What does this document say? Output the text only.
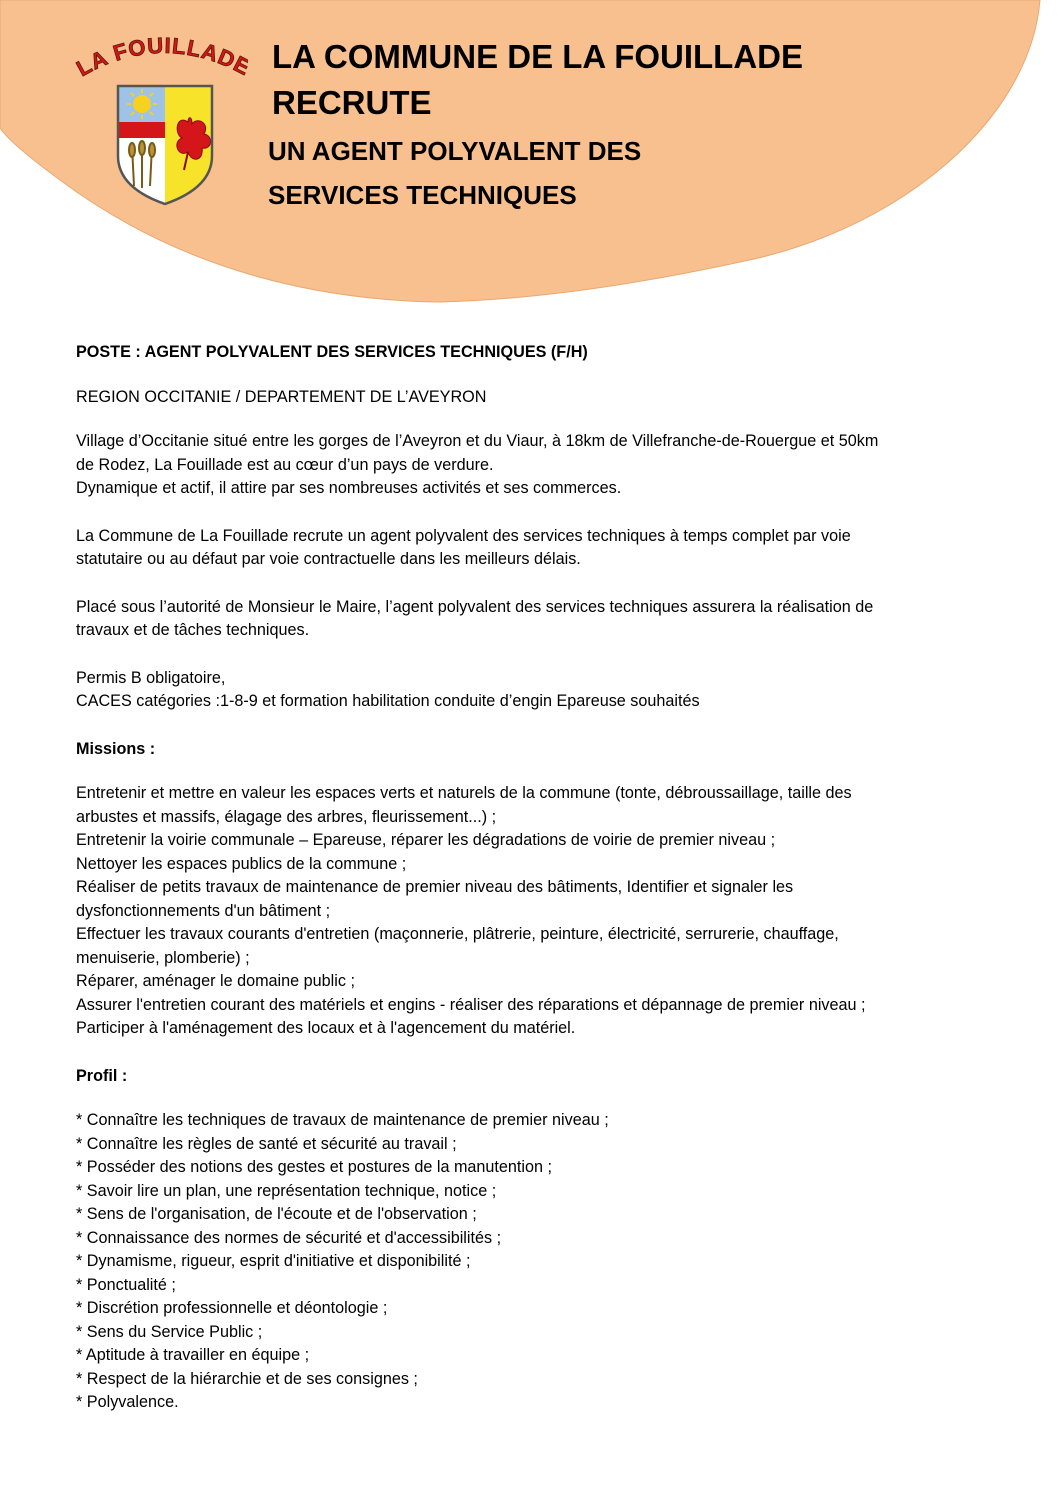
LA FOUILLAD LA COMMUNE DE LA FOUILLADE
RECRUTE
UN AGENT POLYVALENT DES
SERVICES TECHNIQUES

POSTE : AGENT POLYVALENT DES SERVICES TECHNIQUES (F/H)

REGION OCCITANIE / DEPARTEMENT DE L’AVEYRON

Village d’Occitanie situé entre les gorges de l’Aveyron et du Viaur, à 18km de Villefranche-de-Rouergue et 50km

de Rodez, La Fouillade est au cœur d’un pays de verdure.

Dynamique et actif, il attire par ses nombreuses activités et ses commerces.

La Commune de La Fouillade recrute un agent polyvalent des services techniques à temps complet par voie

statutaire ou au défaut par voie contractuelle dans les meilleurs délais.

Placé sous l’autorité de Monsieur le Maire, l’agent polyvalent des services techniques assurera la réalisation de

travaux et de tâches techniques.

Permis B obligatoire,

CACES catégories :1-8-9 et formation habilitation conduite d’engin Epareuse souhaités

Missions :

Entretenir et mettre en valeur les espaces verts et naturels de la commune (tonte, débroussaillage, taille des

arbustes et massifs, élagage des arbres, fleurissement...) ;

Entretenir la voirie communale – Epareuse, réparer les dégradations de voirie de premier niveau ;

Nettoyer les espaces publics de la commune ;

Réaliser de petits travaux de maintenance de premier niveau des bâtiments, Identifier et signaler les

dysfonctionnements d'un bâtiment ;

Effectuer les travaux courants d'entretien (maçonnerie, plâtrerie, peinture, électricité, serrurerie, chauffage,

menuiserie, plomberie) ;

Réparer, aménager le domaine public ;

Assurer l'entretien courant des matériels et engins - réaliser des réparations et dépannage de premier niveau ;

Participer à l'aménagement des locaux et à l'agencement du matériel.

Profil :

* Connaître les techniques de travaux de maintenance de premier niveau ;

* Connaître les règles de santé et sécurité au travail ;

* Posséder des notions des gestes et postures de la manutention ;

* Savoir lire un plan, une représentation technique, notice ;

* Sens de l'organisation, de l'écoute et de l'observation ;

* Connaissance des normes de sécurité et d'accessibilités ;

* Dynamisme, rigueur, esprit d'initiative et disponibilité ;

* Ponctualité ;

* Discrétion professionnelle et déontologie ;

* Sens du Service Public ;

* Aptitude à travailler en équipe ;

* Respect de la hiérarchie et de ses consignes ;

* Polyvalence.
